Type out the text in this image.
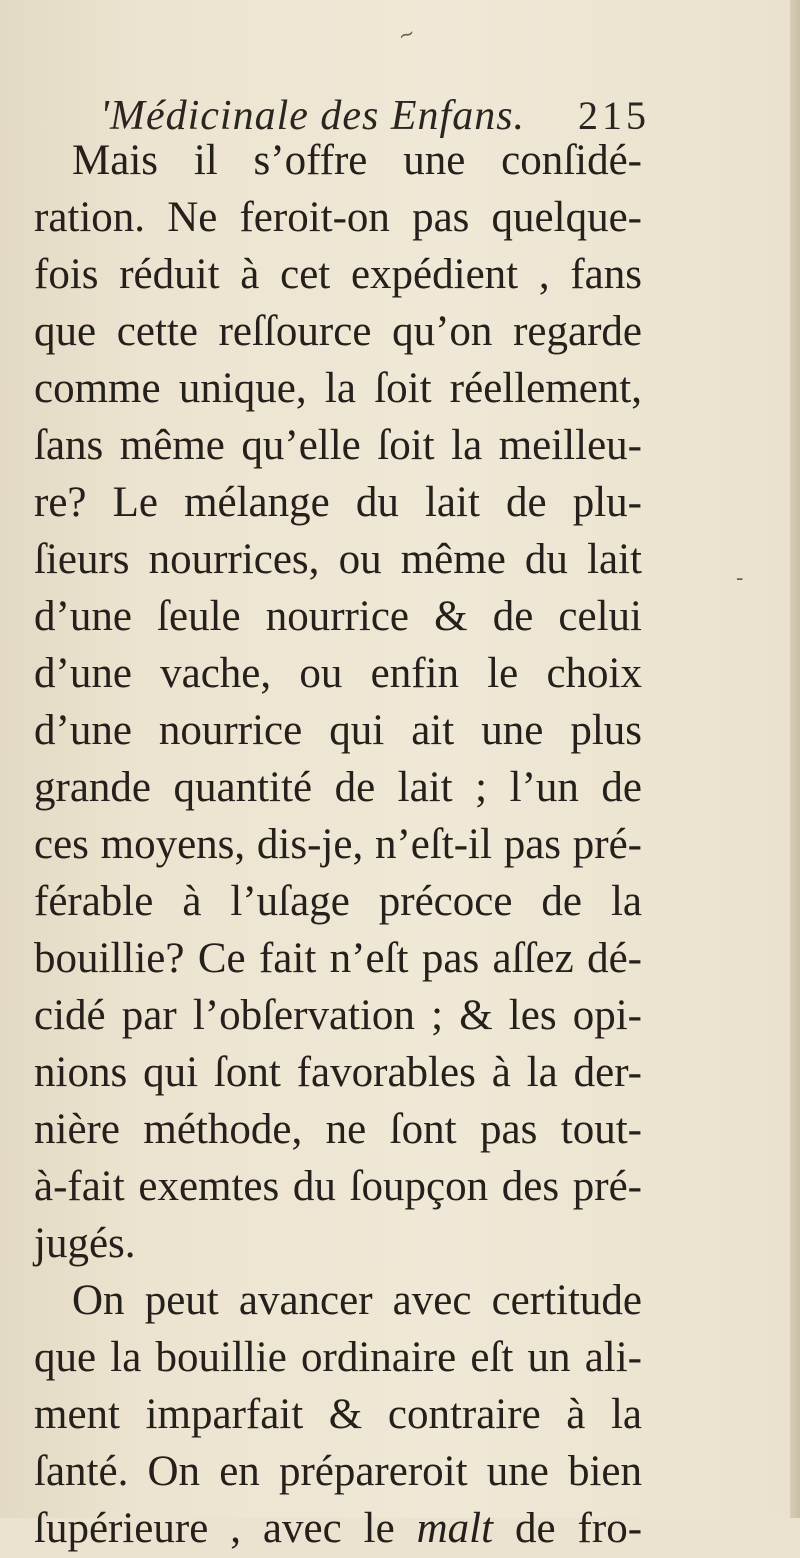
~
-
'Médicinale des Enfans. 215
Mais il s’offre une conſidé-
ration. Ne feroit-on pas quelque-
fois réduit à cet expédient , fans
que cette reſſource qu’on regarde
comme unique, la ſoit réellement,
ſans même qu’elle ſoit la meilleu-
re? Le mélange du lait de plu-
ſieurs nourrices, ou même du lait
d’une ſeule nourrice & de celui
d’une vache, ou enfin le choix
d’une nourrice qui ait une plus
grande quantité de lait ; l’un de
ces moyens, dis-je, n’eſt-il pas pré-
férable à l’uſage précoce de la
bouillie? Ce fait n’eſt pas aſſez dé-
cidé par l’obſervation ; & les opi-
nions qui ſont favorables à la der-
nière méthode, ne ſont pas tout-
à-fait exemtes du ſoupçon des pré-
jugés.
On peut avancer avec certitude
que la bouillie ordinaire eſt un ali-
ment imparfait & contraire à la
ſanté. On en prépareroit une bien
ſupérieure , avec le malt de fro-
